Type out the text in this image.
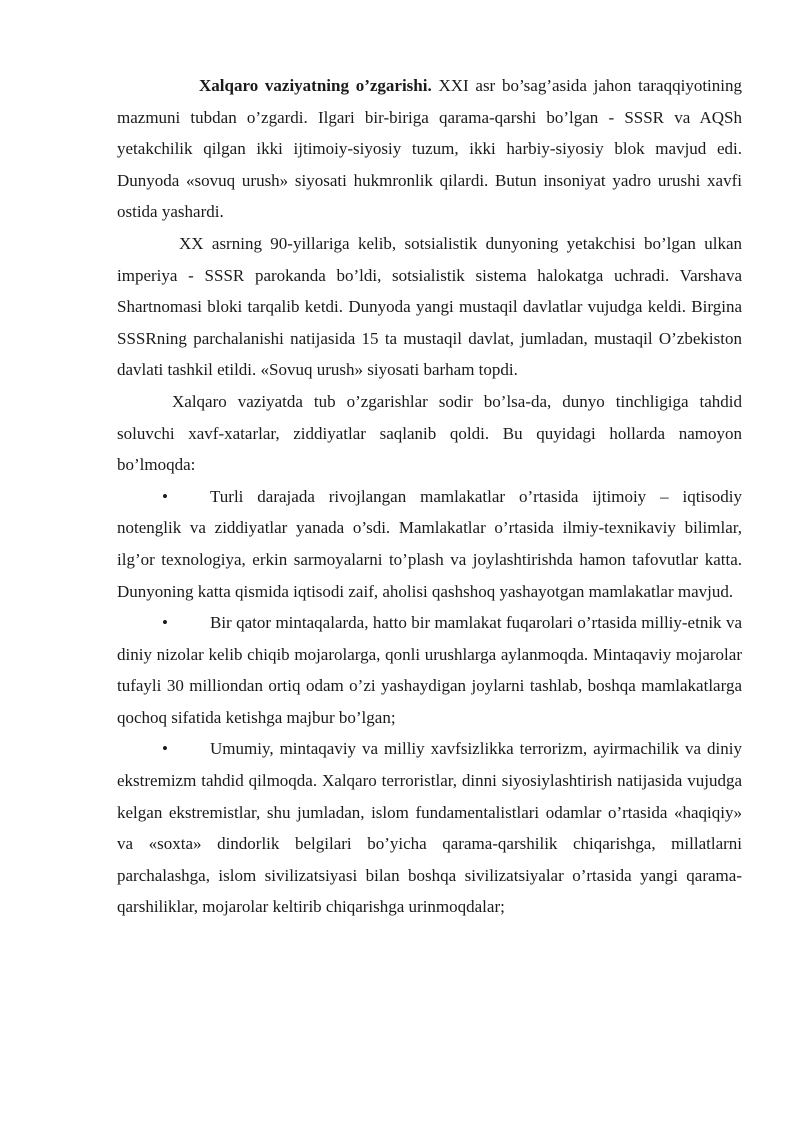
Xalqaro vaziyatning o’zgarishi. XXI asr bo’sag’asida jahon taraqqiyotining mazmuni tubdan o’zgardi. Ilgari bir-biriga qarama-qarshi bo’lgan - SSSR va AQSh yetakchilik qilgan ikki ijtimoiy-siyosiy tuzum, ikki harbiy-siyosiy blok mavjud edi. Dunyoda «sovuq urush» siyosati hukmronlik qilardi. Butun insoniyat yadro urushi xavfi ostida yashardi.

XX asrning 90-yillariga kelib, sotsialistik dunyoning yetakchisi bo’lgan ulkan imperiya - SSSR parokanda bo’ldi, sotsialistik sistema halokatga uchradi. Varshava Shartnomasi bloki tarqalib ketdi. Dunyoda yangi mustaqil davlatlar vujudga keldi. Birgina SSSRning parchalanishi natijasida 15 ta mustaqil davlat, jumladan, mustaqil O’zbekiston davlati tashkil etildi. «Sovuq urush» siyosati barham topdi.

Xalqaro vaziyatda tub o’zgarishlar sodir bo’lsa-da, dunyo tinchligiga tahdid soluvchi xavf-xatarlar, ziddiyatlar saqlanib qoldi. Bu quyidagi hollarda namoyon bo’lmoqda:

• Turli darajada rivojlangan mamlakatlar o’rtasida ijtimoiy – iqtisodiy notenglik va ziddiyatlar yanada o’sdi. Mamlakatlar o’rtasida ilmiy-texnikaviy bilimlar, ilg’or texnologiya, erkin sarmoyalarni to’plash va joylashtirishda hamon tafovutlar katta. Dunyoning katta qismida iqtisodi zaif, aholisi qashshoq yashayotgan mamlakatlar mavjud.

• Bir qator mintaqalarda, hatto bir mamlakat fuqarolari o’rtasida milliy-etnik va diniy nizolar kelib chiqib mojarolarga, qonli urushlarga aylanmoqda. Mintaqaviy mojarolar tufayli 30 milliondan ortiq odam o’zi yashaydigan joylarni tashlab, boshqa mamlakatlarga qochoq sifatida ketishga majbur bo’lgan;

• Umumiy, mintaqaviy va milliy xavfsizlikka terrorizm, ayirmachilik va diniy ekstremizm tahdid qilmoqda. Xalqaro terroristlar, dinni siyosiylashtirish natijasida vujudga kelgan ekstremistlar, shu jumladan, islom fundamentalistlari odamlar o’rtasida «haqiqiy» va «soxta» dindorlik belgilari bo’yicha qarama-qarshilik chiqarishga, millatlarni parchalashga, islom sivilizatsiyasi bilan boshqa sivilizatsiyalar o’rtasida yangi qarama-qarshiliklar, mojarolar keltirib chiqarishga urinmoqdalar;
